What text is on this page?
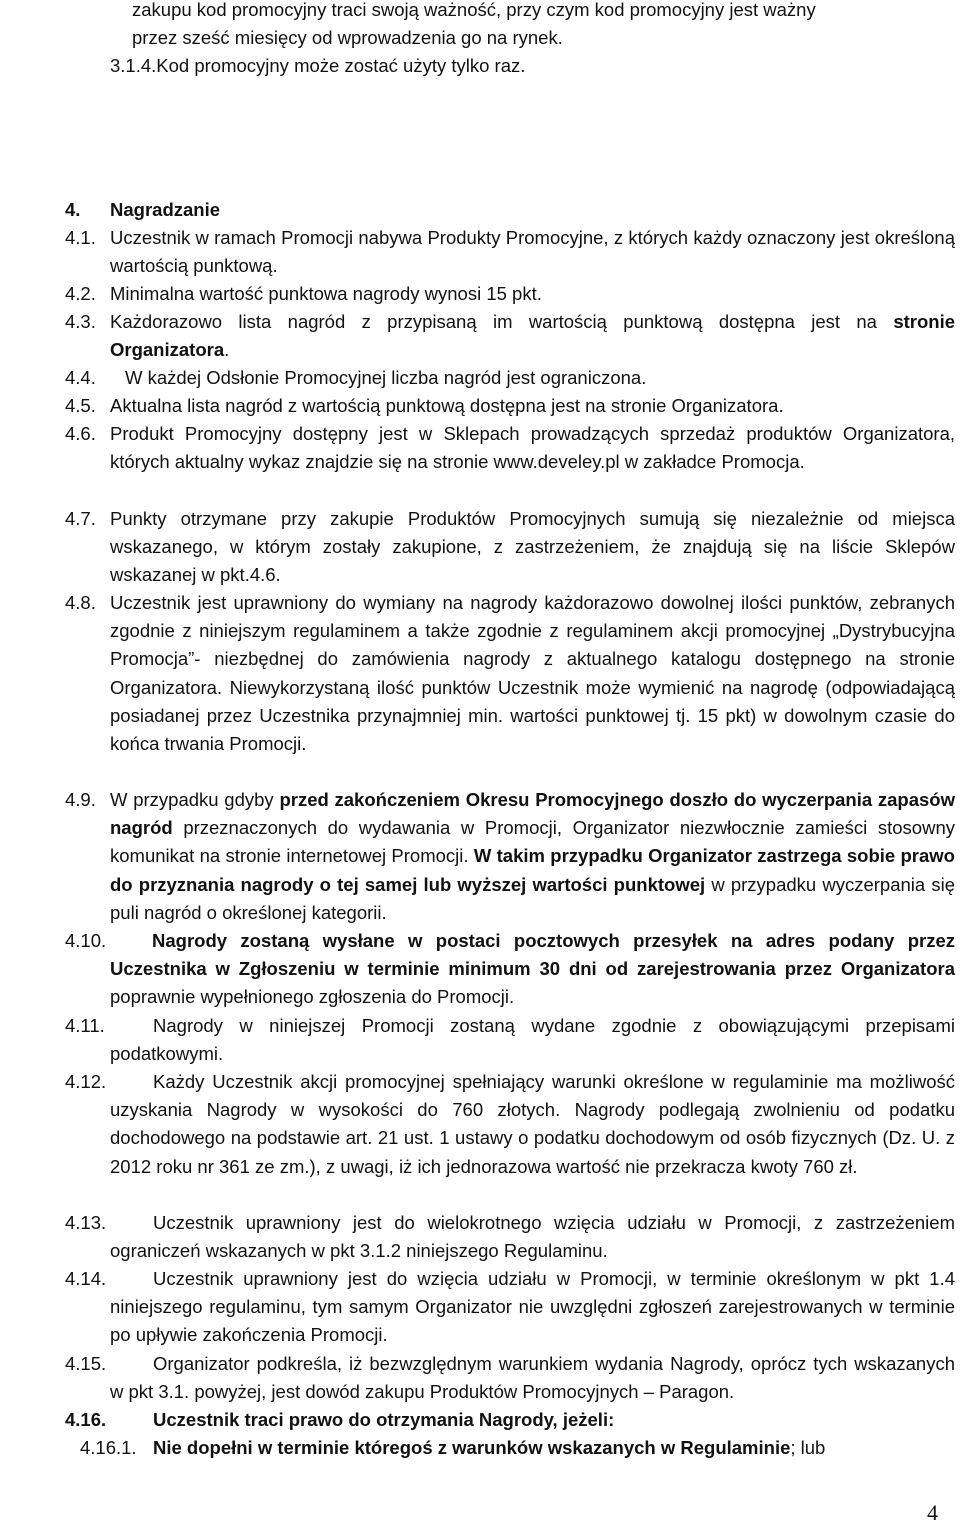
zakupu kod promocyjny traci swoją ważność, przy czym kod promocyjny jest ważny
przez sześć miesięcy od wprowadzenia go na rynek.
3.1.4.Kod promocyjny może zostać użyty tylko raz.
4. Nagradzanie
4.1. Uczestnik w ramach Promocji nabywa Produkty Promocyjne, z których każdy oznaczony jest określoną wartością punktową.
4.2. Minimalna wartość punktowa nagrody wynosi 15 pkt.
4.3. Każdorazowo lista nagród z przypisaną im wartością punktową dostępna jest na stronie Organizatora.
4.4. W każdej Odsłonie Promocyjnej liczba nagród jest ograniczona.
4.5. Aktualna lista nagród z wartością punktową dostępna jest na stronie Organizatora.
4.6. Produkt Promocyjny dostępny jest w Sklepach prowadzących sprzedaż produktów Organizatora, których aktualny wykaz znajdzie się na stronie www.develey.pl w zakładce Promocja.
4.7. Punkty otrzymane przy zakupie Produktów Promocyjnych sumują się niezależnie od miejsca wskazanego, w którym zostały zakupione, z zastrzeżeniem, że znajdują się na liście Sklepów wskazanej w pkt.4.6.
4.8. Uczestnik jest uprawniony do wymiany na nagrody każdorazowo dowolnej ilości punktów, zebranych zgodnie z niniejszym regulaminem a także zgodnie z regulaminem akcji promocyjnej „Dystrybucyjna Promocja”- niezbędnej do zamówienia nagrody z aktualnego katalogu dostępnego na stronie Organizatora. Niewykorzystaną ilość punktów Uczestnik może wymienić na nagrodę (odpowiadającą posiadanej przez Uczestnika przynajmniej min. wartości punktowej tj. 15 pkt) w dowolnym czasie do końca trwania Promocji.
4.9. W przypadku gdyby przed zakończeniem Okresu Promocyjnego doszło do wyczerpania zapasów nagród przeznaczonych do wydawania w Promocji, Organizator niezwłocznie zamieści stosowny komunikat na stronie internetowej Promocji. W takim przypadku Organizator zastrzega sobie prawo do przyznania nagrody o tej samej lub wyższej wartości punktowej w przypadku wyczerpania się puli nagród o określonej kategorii.
4.10.	Nagrody zostaną wysłane w postaci pocztowych przesyłek na adres podany przez Uczestnika w Zgłoszeniu w terminie minimum 30 dni od zarejestrowania przez Organizatora poprawnie wypełnionego zgłoszenia do Promocji.
4.11.	Nagrody w niniejszej Promocji zostaną wydane zgodnie z obowiązującymi przepisami podatkowymi.
4.12.	Każdy Uczestnik akcji promocyjnej spełniający warunki określone w regulaminie ma możliwość uzyskania Nagrody w wysokości do 760 złotych. Nagrody podlegają zwolnieniu od podatku dochodowego na podstawie art. 21 ust. 1 ustawy o podatku dochodowym od osób fizycznych (Dz. U. z 2012 roku nr 361 ze zm.), z uwagi, iż ich jednorazowa wartość nie przekracza kwoty 760 zł.
4.13.	Uczestnik uprawniony jest do wielokrotnego wzięcia udziału w Promocji, z zastrzeżeniem ograniczeń wskazanych w pkt 3.1.2 niniejszego Regulaminu.
4.14.	Uczestnik uprawniony jest do wzięcia udziału w Promocji, w terminie określonym w pkt 1.4 niniejszego regulaminu, tym samym Organizator nie uwzględni zgłoszeń zarejestrowanych w terminie po upływie zakończenia Promocji.
4.15.	Organizator podkreśla, iż bezwzględnym warunkiem wydania Nagrody, oprócz tych wskazanych w pkt 3.1. powyżej, jest dowód zakupu Produktów Promocyjnych – Paragon.
4.16.	Uczestnik traci prawo do otrzymania Nagrody, jeżeli:
4.16.1. Nie dopełni w terminie któregoś z warunków wskazanych w Regulaminie; lub
4
